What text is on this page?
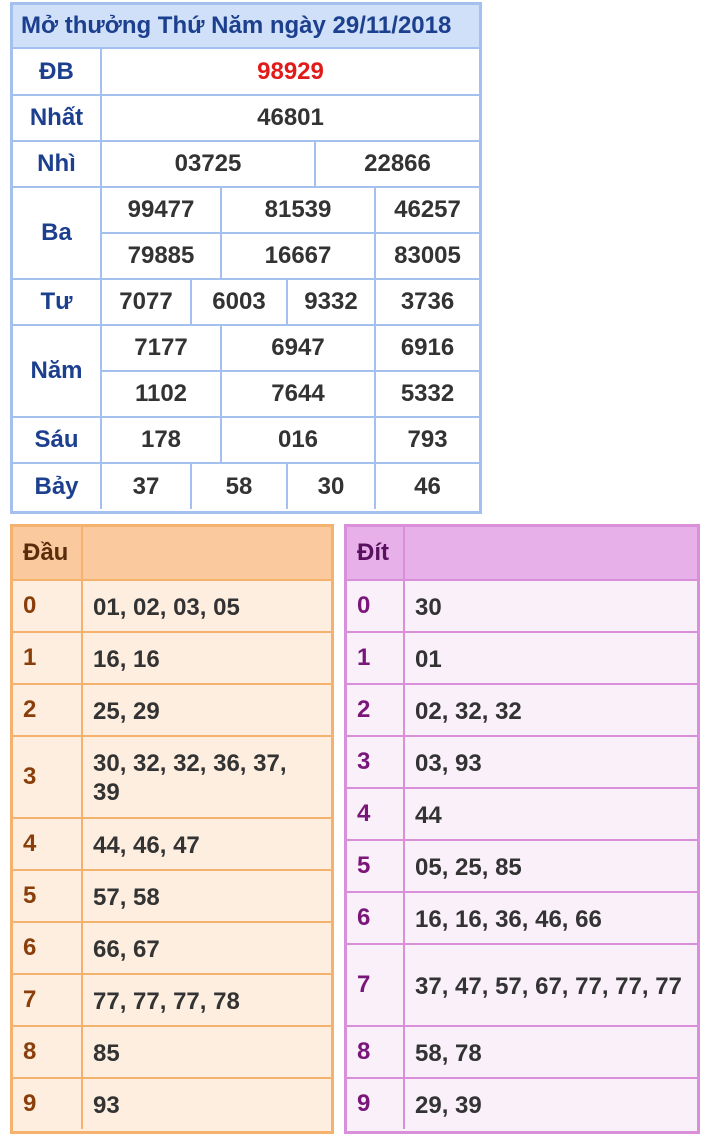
Mở thưởng Thứ Năm ngày 29/11/2018
ĐB	98929					
Nhất	46801					
Nhì	03725				22866	
Ba	99477		81539			46257
	79885		16667			83005
Tư	7077	6003		9332		3736
Năm	7177		6947			6916
	1102		7644			5332
Sáu	178		016			793
Bảy	37	58		30		46
Đầu
0	01, 02, 03, 05
1	16, 16
2	25, 29
3	30, 32, 32, 36, 37, 39
4	44, 46, 47
5	57, 58
6	66, 67
7	77, 77, 77, 78
8	85
9	93
Đít
0	30
1	01
2	02, 32, 32
3	03, 93
4	44
5	05, 25, 85
6	16, 16, 36, 46, 66
7	37, 47, 57, 67, 77, 77, 77
8	58, 78
9	29, 39
